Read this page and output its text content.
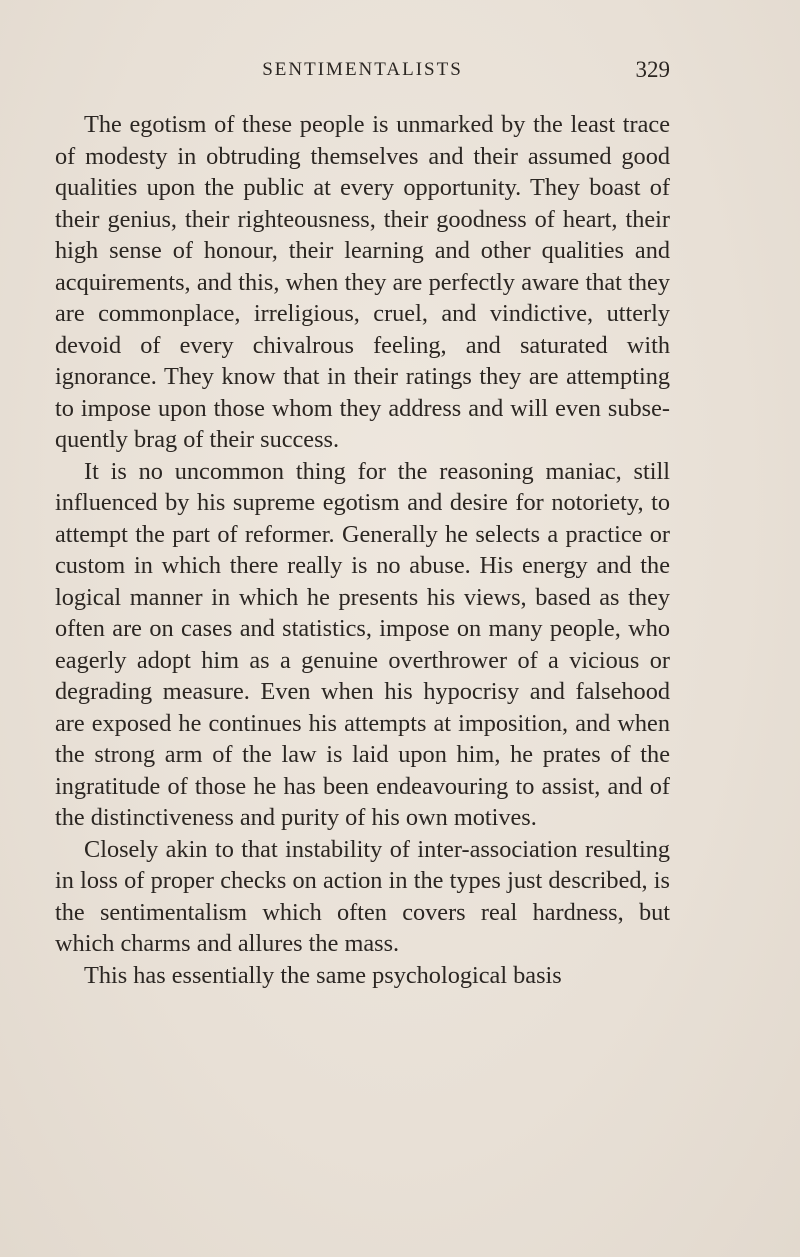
SENTIMENTALISTS	329

The egotism of these people is unmarked by the least trace of modesty in obtruding themselves and their assumed good qualities upon the public at every opportunity. They boast of their genius, their righteousness, their goodness of heart, their high sense of honour, their learning and other qualities and acquirements, and this, when they are perfectly aware that they are commonplace, irreligious, cruel, and vindictive, utterly devoid of every chivalrous feeling, and saturated with ignorance. They know that in their ratings they are attempting to impose upon those whom they address and will even subse-quently brag of their success.

It is no uncommon thing for the reasoning maniac, still influenced by his supreme egotism and desire for notoriety, to attempt the part of reformer. Generally he selects a practice or custom in which there really is no abuse. His energy and the logical manner in which he presents his views, based as they often are on cases and statistics, impose on many people, who eagerly adopt him as a genuine overthrower of a vicious or degrading measure. Even when his hypocrisy and falsehood are exposed he continues his attempts at imposition, and when the strong arm of the law is laid upon him, he prates of the ingratitude of those he has been endeavouring to assist, and of the distinctiveness and purity of his own motives.

Closely akin to that instability of inter-association resulting in loss of proper checks on action in the types just described, is the sentimentalism which often covers real hardness, but which charms and allures the mass.

This has essentially the same psychological basis
